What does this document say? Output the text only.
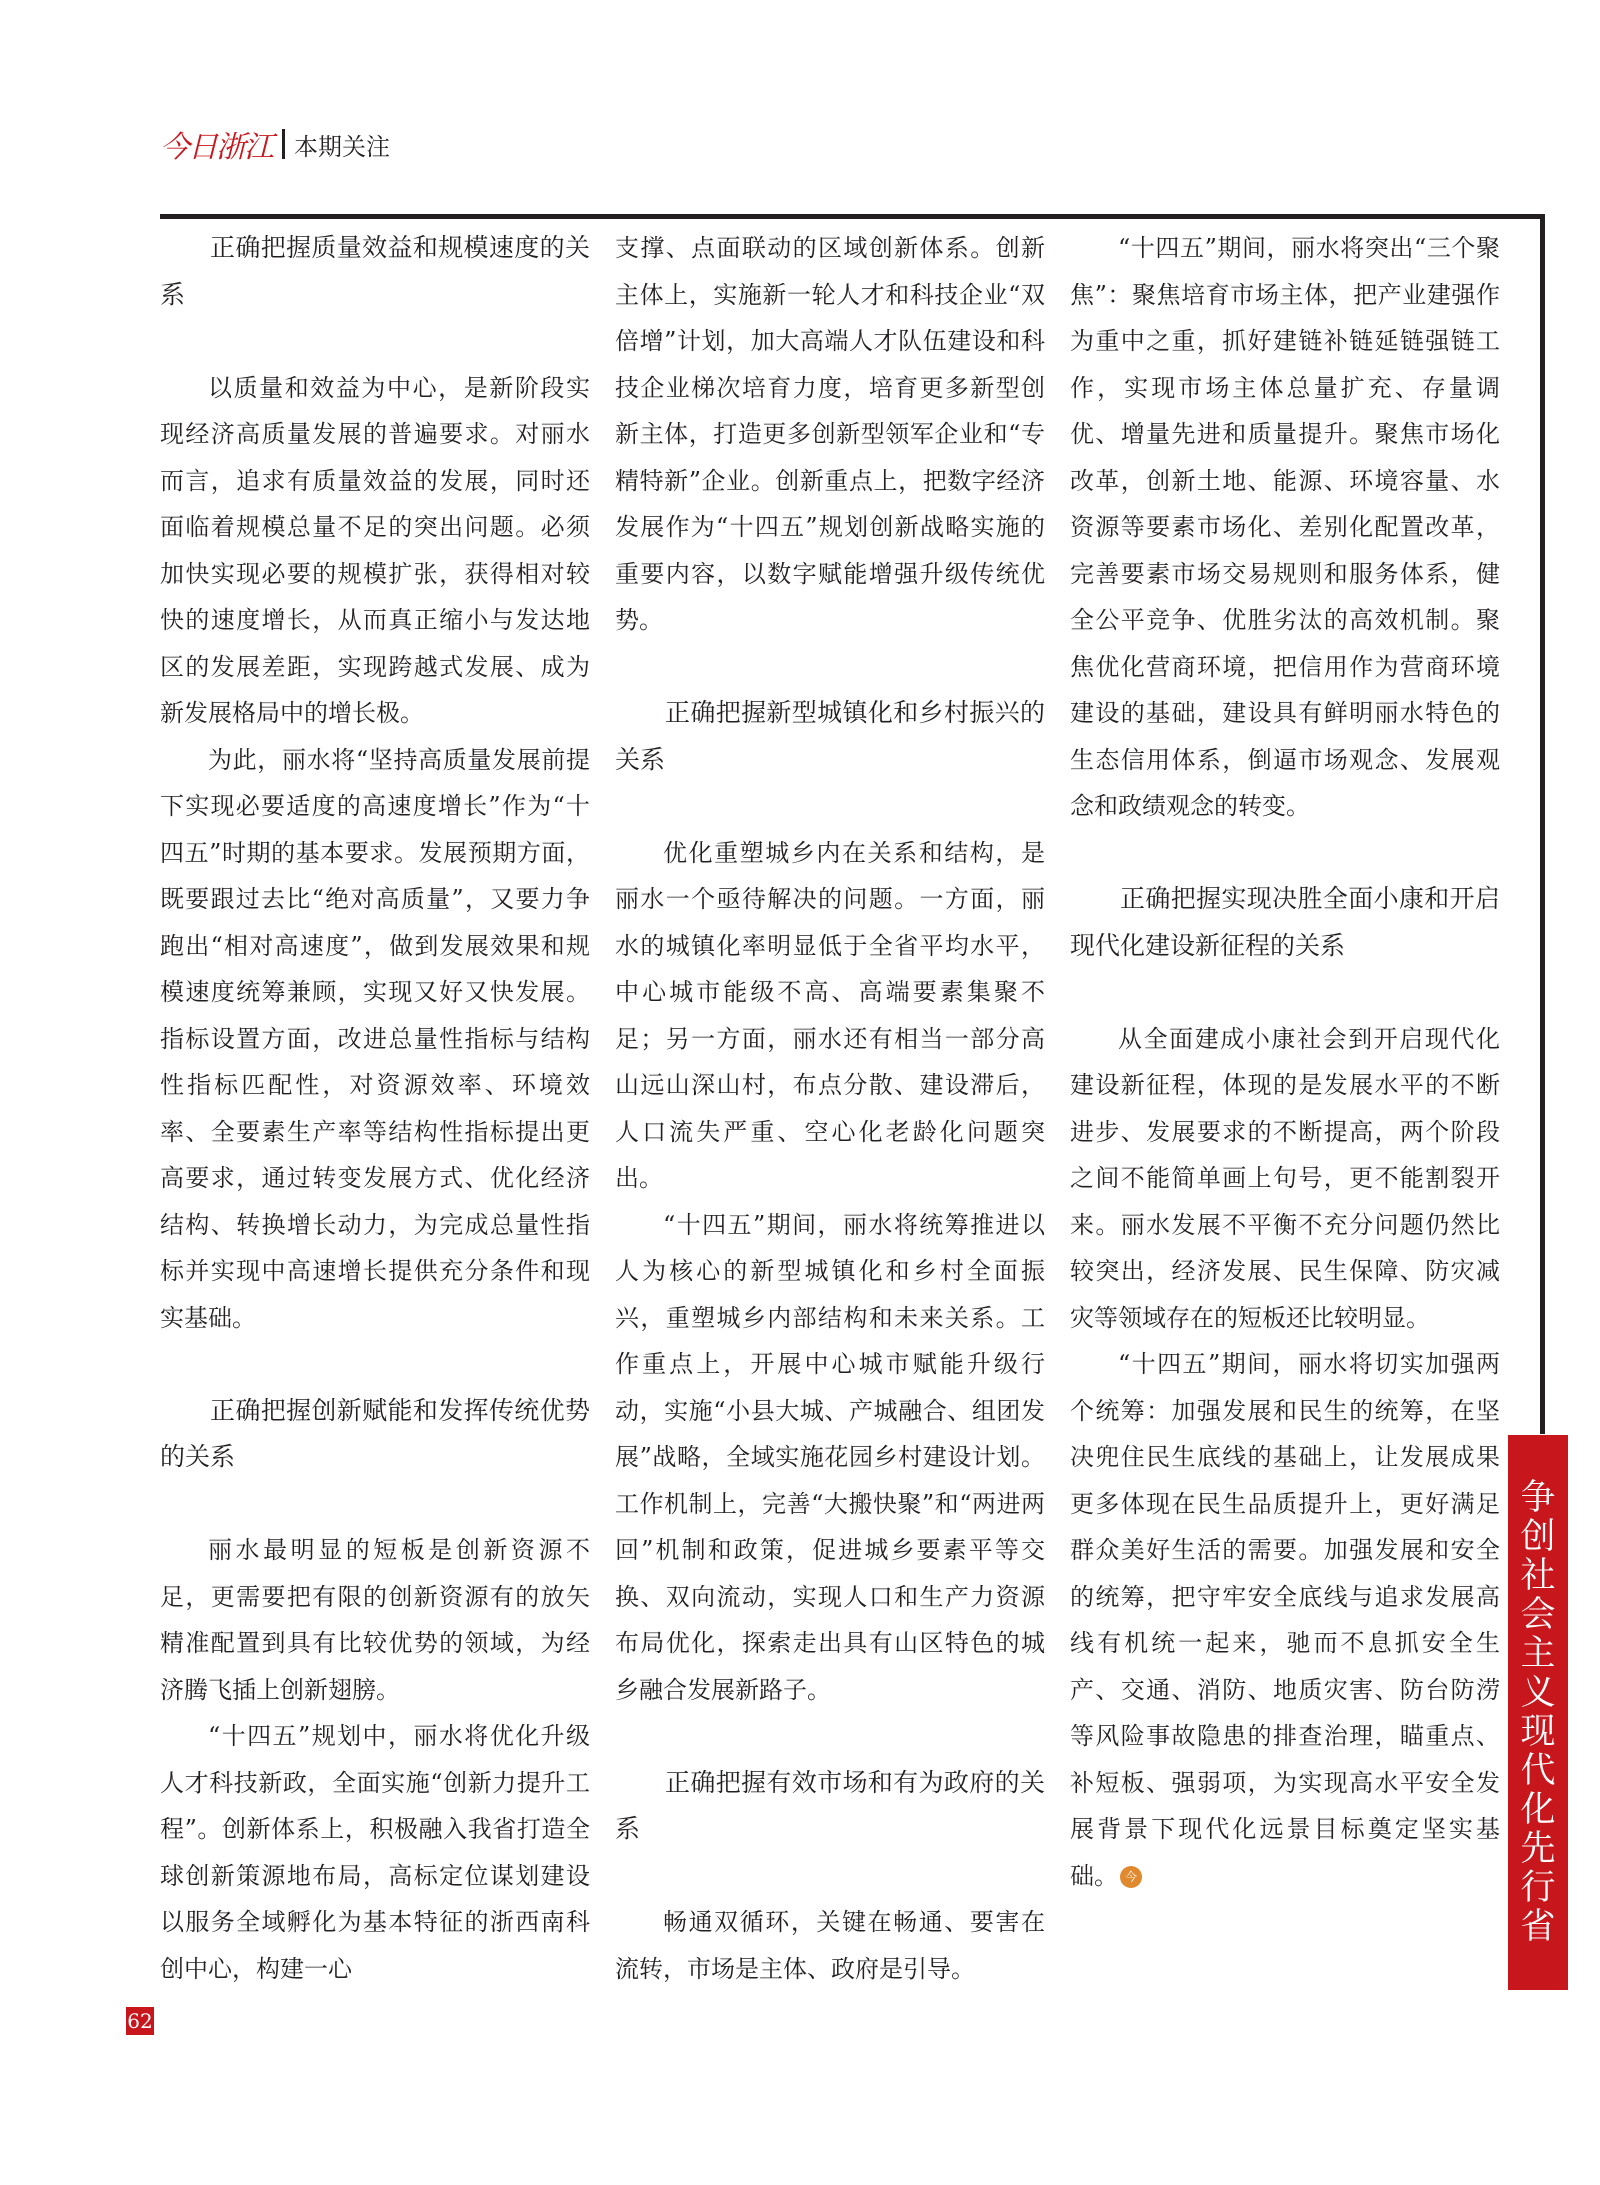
今日浙江 本期关注
正确把握质量效益和规模速度的关系

以质量和效益为中心，是新阶段实现经济高质量发展的普遍要求。对丽水而言，追求有质量效益的发展，同时还面临着规模总量不足的突出问题。必须加快实现必要的规模扩张，获得相对较快的速度增长，从而真正缩小与发达地区的发展差距，实现跨越式发展、成为新发展格局中的增长极。

为此，丽水将“坚持高质量发展前提下实现必要适度的高速度增长”作为“十四五”时期的基本要求。发展预期方面，既要跟过去比“绝对高质量”，又要力争跑出“相对高速度”，做到发展效果和规模速度统筹兼顾，实现又好又快发展。指标设置方面，改进总量性指标与结构性指标匹配性，对资源效率、环境效率、全要素生产率等结构性指标提出更高要求，通过转变发展方式、优化经济结构、转换增长动力，为完成总量性指标并实现中高速增长提供充分条件和现实基础。

正确把握创新赋能和发挥传统优势的关系

丽水最明显的短板是创新资源不足，更需要把有限的创新资源有的放矢精准配置到具有比较优势的领域，为经济腾飞插上创新翅膀。

“十四五”规划中，丽水将优化升级人才科技新政，全面实施“创新力提升工程”。创新体系上，积极融入我省打造全球创新策源地布局，高标定位谋划建设以服务全域孵化为基本特征的浙西南科创中心，构建一心

支撑、点面联动的区域创新体系。创新主体上，实施新一轮人才和科技企业“双倍增”计划，加大高端人才队伍建设和科技企业梯次培育力度，培育更多新型创新主体，打造更多创新型领军企业和“专精特新”企业。创新重点上，把数字经济发展作为“十四五”规划创新战略实施的重要内容，以数字赋能增强升级传统优势。

正确把握新型城镇化和乡村振兴的关系

优化重塑城乡内在关系和结构，是丽水一个亟待解决的问题。一方面，丽水的城镇化率明显低于全省平均水平，中心城市能级不高、高端要素集聚不足；另一方面，丽水还有相当一部分高山远山深山村，布点分散、建设滞后，人口流失严重、空心化老龄化问题突出。

“十四五”期间，丽水将统筹推进以人为核心的新型城镇化和乡村全面振兴，重塑城乡内部结构和未来关系。工作重点上，开展中心城市赋能升级行动，实施“小县大城、产城融合、组团发展”战略，全域实施花园乡村建设计划。工作机制上，完善“大搬快聚”和“两进两回”机制和政策，促进城乡要素平等交换、双向流动，实现人口和生产力资源布局优化，探索走出具有山区特色的城乡融合发展新路子。

正确把握有效市场和有为政府的关系

畅通双循环，关键在畅通、要害在流转，市场是主体、政府是引导。

“十四五”期间，丽水将突出“三个聚焦”：聚焦培育市场主体，把产业建强作为重中之重，抓好建链补链延链强链工作，实现市场主体总量扩充、存量调优、增量先进和质量提升。聚焦市场化改革，创新土地、能源、环境容量、水资源等要素市场化、差别化配置改革，完善要素市场交易规则和服务体系，健全公平竞争、优胜劣汰的高效机制。聚焦优化营商环境，把信用作为营商环境建设的基础，建设具有鲜明丽水特色的生态信用体系，倒逼市场观念、发展观念和政绩观念的转变。

正确把握实现决胜全面小康和开启现代化建设新征程的关系

从全面建成小康社会到开启现代化建设新征程，体现的是发展水平的不断进步、发展要求的不断提高，两个阶段之间不能简单画上句号，更不能割裂开来。丽水发展不平衡不充分问题仍然比较突出，经济发展、民生保障、防灾减灾等领域存在的短板还比较明显。

“十四五”期间，丽水将切实加强两个统筹：加强发展和民生的统筹，在坚决兜住民生底线的基础上，让发展成果更多体现在民生品质提升上，更好满足群众美好生活的需要。加强发展和安全的统筹，把守牢安全底线与追求发展高线有机统一起来，驰而不息抓安全生产、交通、消防、地质灾害、防台防涝等风险事故隐患的排查治理，瞄重点、补短板、强弱项，为实现高水平安全发展背景下现代化远景目标奠定坚实基础。 今

争
创
社
会
主
义
现
代
化
先
行
省
62
